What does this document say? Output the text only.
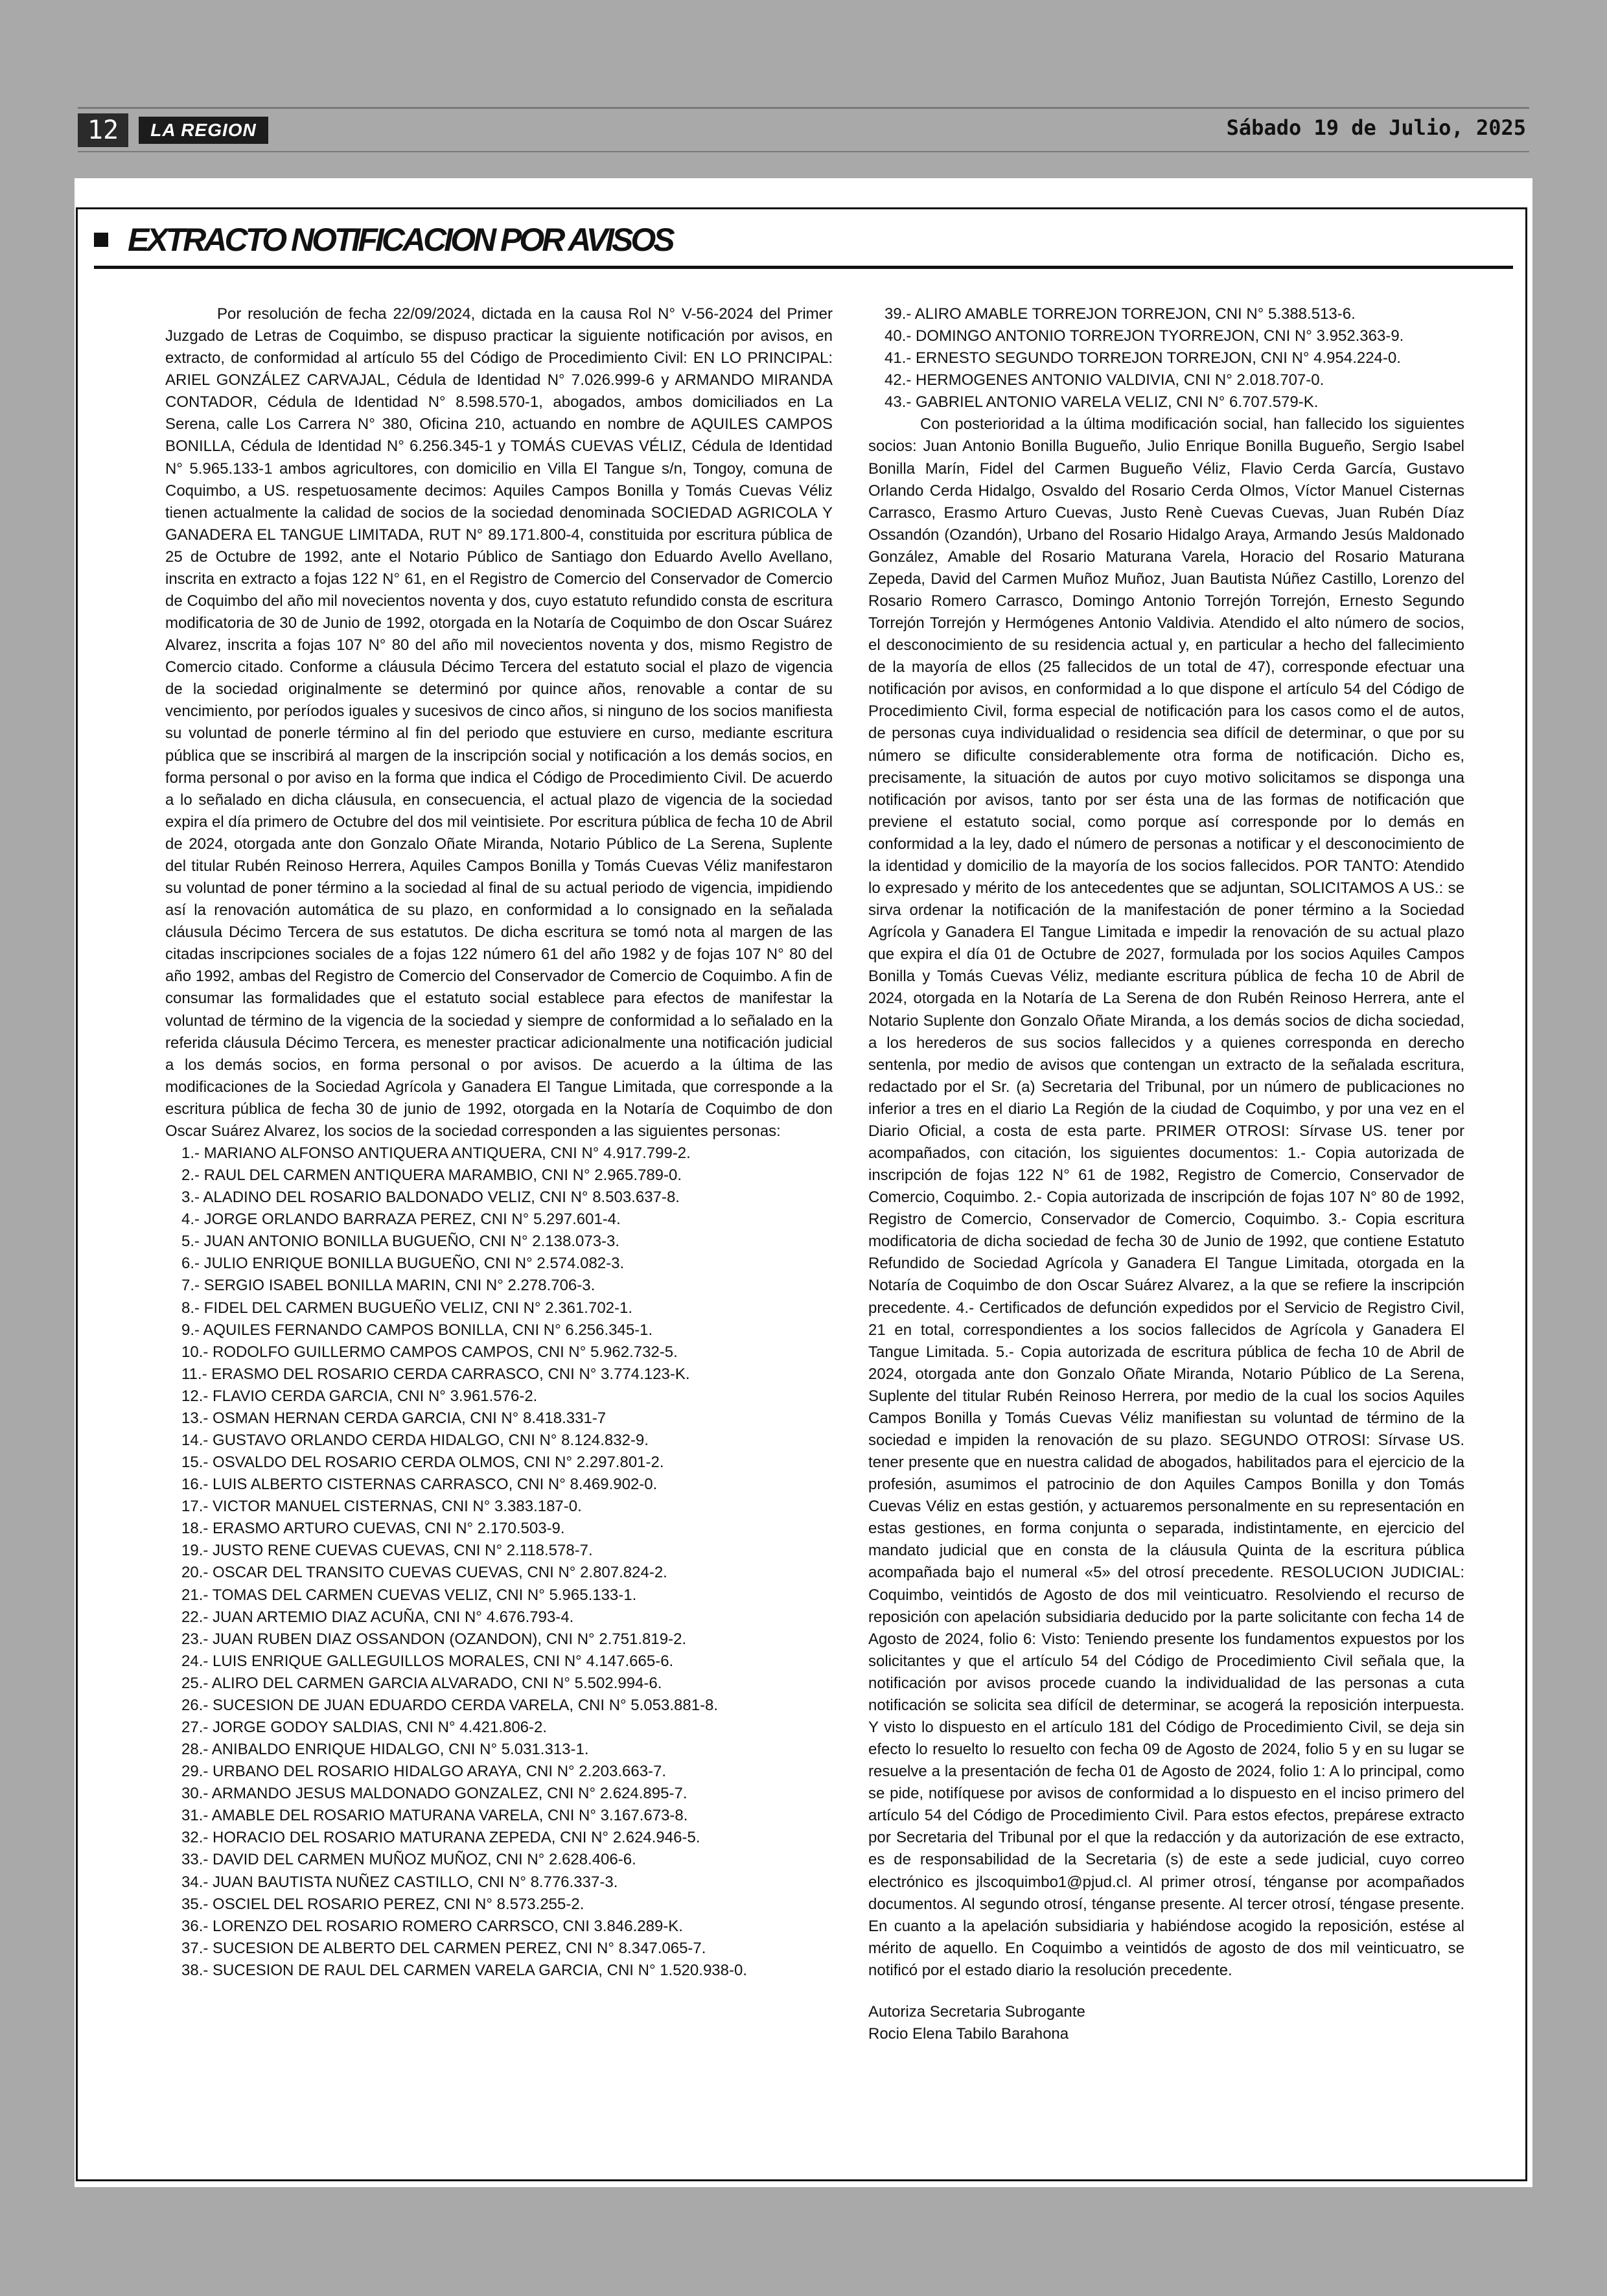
12	LA REGION	Sábado 19 de Julio, 2025
EXTRACTO NOTIFICACION POR AVISOS

Por resolución de fecha 22/09/2024, dictada en la causa Rol N° V-56-2024 del Primer Juzgado de Letras de Coquimbo, se dispuso practicar la siguiente notificación por avisos, en extracto, de conformidad al artículo 55 del Código de Procedimiento Civil: EN LO PRINCIPAL: ARIEL GONZÁLEZ CARVAJAL, Cédula de Identidad N° 7.026.999-6 y ARMANDO MIRANDA CONTADOR, Cédula de Identidad N° 8.598.570-1, abogados, ambos domiciliados en La Serena, calle Los Carrera N° 380, Oficina 210, actuando en nombre de AQUILES CAMPOS BONILLA, Cédula de Identidad N° 6.256.345-1 y TOMÁS CUEVAS VÉLIZ, Cédula de Identidad N° 5.965.133-1 ambos agricultores, con domicilio en Villa El Tangue s/n, Tongoy, comuna de Coquimbo, a US. respetuosamente decimos: Aquiles Campos Bonilla y Tomás Cuevas Véliz tienen actualmente la calidad de socios de la sociedad denominada SOCIEDAD AGRICOLA Y GANADERA EL TANGUE LIMITADA, RUT N° 89.171.800-4, constituida por escritura pública de 25 de Octubre de 1992, ante el Notario Público de Santiago don Eduardo Avello Avellano, inscrita en extracto a fojas 122 N° 61, en el Registro de Comercio del Conservador de Comercio de Coquimbo del año mil novecientos noventa y dos, cuyo estatuto refundido consta de escritura modificatoria de 30 de Junio de 1992, otorgada en la Notaría de Coquimbo de don Oscar Suárez Alvarez, inscrita a fojas 107 N° 80 del año mil novecientos noventa y dos, mismo Registro de Comercio citado. Conforme a cláusula Décimo Tercera del estatuto social el plazo de vigencia de la sociedad originalmente se determinó por quince años, renovable a contar de su vencimiento, por períodos iguales y sucesivos de cinco años, si ninguno de los socios manifiesta su voluntad de ponerle término al fin del periodo que estuviere en curso, mediante escritura pública que se inscribirá al margen de la inscripción social y notificación a los demás socios, en forma personal o por aviso en la forma que indica el Código de Procedimiento Civil. De acuerdo a lo señalado en dicha cláusula, en consecuencia, el actual plazo de vigencia de la sociedad expira el día primero de Octubre del dos mil veintisiete. Por escritura pública de fecha 10 de Abril de 2024, otorgada ante don Gonzalo Oñate Miranda, Notario Público de La Serena, Suplente del titular Rubén Reinoso Herrera, Aquiles Campos Bonilla y Tomás Cuevas Véliz manifestaron su voluntad de poner término a la sociedad al final de su actual periodo de vigencia, impidiendo así la renovación automática de su plazo, en conformidad a lo consignado en la señalada cláusula Décimo Tercera de sus estatutos. De dicha escritura se tomó nota al margen de las citadas inscripciones sociales de a fojas 122 número 61 del año 1982 y de fojas 107 N° 80 del año 1992, ambas del Registro de Comercio del Conservador de Comercio de Coquimbo. A fin de consumar las formalidades que el estatuto social establece para efectos de manifestar la voluntad de término de la vigencia de la sociedad y siempre de conformidad a lo señalado en la referida cláusula Décimo Tercera, es menester practicar adicionalmente una notificación judicial a los demás socios, en forma personal o por avisos. De acuerdo a la última de las modificaciones de la Sociedad Agrícola y Ganadera El Tangue Limitada, que corresponde a la escritura pública de fecha 30 de junio de 1992, otorgada en la Notaría de Coquimbo de don Oscar Suárez Alvarez, los socios de la sociedad corresponden a las siguientes personas:

1.- MARIANO ALFONSO ANTIQUERA ANTIQUERA, CNI N° 4.917.799-2.

2.- RAUL DEL CARMEN ANTIQUERA MARAMBIO, CNI N° 2.965.789-0.

3.- ALADINO DEL ROSARIO BALDONADO VELIZ, CNI N° 8.503.637-8.

4.- JORGE ORLANDO BARRAZA PEREZ, CNI N° 5.297.601-4.

5.- JUAN ANTONIO BONILLA BUGUEÑO, CNI N° 2.138.073-3.

6.- JULIO ENRIQUE BONILLA BUGUEÑO, CNI N° 2.574.082-3.

7.- SERGIO ISABEL BONILLA MARIN, CNI N° 2.278.706-3.

8.- FIDEL DEL CARMEN BUGUEÑO VELIZ, CNI N° 2.361.702-1.

9.- AQUILES FERNANDO CAMPOS BONILLA, CNI N° 6.256.345-1.

10.- RODOLFO GUILLERMO CAMPOS CAMPOS, CNI N° 5.962.732-5.

11.- ERASMO DEL ROSARIO CERDA CARRASCO, CNI N° 3.774.123-K.

12.- FLAVIO CERDA GARCIA, CNI N° 3.961.576-2.

13.- OSMAN HERNAN CERDA GARCIA, CNI N° 8.418.331-7

14.- GUSTAVO ORLANDO CERDA HIDALGO, CNI N° 8.124.832-9.

15.- OSVALDO DEL ROSARIO CERDA OLMOS, CNI N° 2.297.801-2.

16.- LUIS ALBERTO CISTERNAS CARRASCO, CNI N° 8.469.902-0.

17.- VICTOR MANUEL CISTERNAS, CNI N° 3.383.187-0.

18.- ERASMO ARTURO CUEVAS, CNI N° 2.170.503-9.

19.- JUSTO RENE CUEVAS CUEVAS, CNI N° 2.118.578-7.

20.- OSCAR DEL TRANSITO CUEVAS CUEVAS, CNI N° 2.807.824-2.

21.- TOMAS DEL CARMEN CUEVAS VELIZ, CNI N° 5.965.133-1.

22.- JUAN ARTEMIO DIAZ ACUÑA, CNI N° 4.676.793-4.

23.- JUAN RUBEN DIAZ OSSANDON (OZANDON), CNI N° 2.751.819-2.

24.- LUIS ENRIQUE GALLEGUILLOS MORALES, CNI N° 4.147.665-6.

25.- ALIRO DEL CARMEN GARCIA ALVARADO, CNI N° 5.502.994-6.

26.- SUCESION DE JUAN EDUARDO CERDA VARELA, CNI N° 5.053.881-8.

27.- JORGE GODOY SALDIAS, CNI N° 4.421.806-2.

28.- ANIBALDO ENRIQUE HIDALGO, CNI N° 5.031.313-1.

29.- URBANO DEL ROSARIO HIDALGO ARAYA, CNI N° 2.203.663-7.

30.- ARMANDO JESUS MALDONADO GONZALEZ, CNI N° 2.624.895-7.

31.- AMABLE DEL ROSARIO MATURANA VARELA, CNI N° 3.167.673-8.

32.- HORACIO DEL ROSARIO MATURANA ZEPEDA, CNI N° 2.624.946-5.

33.- DAVID DEL CARMEN MUÑOZ MUÑOZ, CNI N° 2.628.406-6.

34.- JUAN BAUTISTA NUÑEZ CASTILLO, CNI N° 8.776.337-3.

35.- OSCIEL DEL ROSARIO PEREZ, CNI N° 8.573.255-2.

36.- LORENZO DEL ROSARIO ROMERO CARRSCO, CNI 3.846.289-K.

37.- SUCESION DE ALBERTO DEL CARMEN PEREZ, CNI N° 8.347.065-7.

38.- SUCESION DE RAUL DEL CARMEN VARELA GARCIA, CNI N° 1.520.938-0.

39.- ALIRO AMABLE TORREJON TORREJON, CNI N° 5.388.513-6.

40.- DOMINGO ANTONIO TORREJON TYORREJON, CNI N° 3.952.363-9.

41.- ERNESTO SEGUNDO TORREJON TORREJON, CNI N° 4.954.224-0.

42.- HERMOGENES ANTONIO VALDIVIA, CNI N° 2.018.707-0.

43.- GABRIEL ANTONIO VARELA VELIZ, CNI N° 6.707.579-K.

Con posterioridad a la última modificación social, han fallecido los siguientes socios: Juan Antonio Bonilla Bugueño, Julio Enrique Bonilla Bugueño, Sergio Isabel Bonilla Marín, Fidel del Carmen Bugueño Véliz, Flavio Cerda García, Gustavo Orlando Cerda Hidalgo, Osvaldo del Rosario Cerda Olmos, Víctor Manuel Cisternas Carrasco, Erasmo Arturo Cuevas, Justo Renè Cuevas Cuevas, Juan Rubén Díaz Ossandón (Ozandón), Urbano del Rosario Hidalgo Araya, Armando Jesús Maldonado González, Amable del Rosario Maturana Varela, Horacio del Rosario Maturana Zepeda, David del Carmen Muñoz Muñoz, Juan Bautista Núñez Castillo, Lorenzo del Rosario Romero Carrasco, Domingo Antonio Torrejón Torrejón, Ernesto Segundo Torrejón Torrejón y Hermógenes Antonio Valdivia. Atendido el alto número de socios, el desconocimiento de su residencia actual y, en particular a hecho del fallecimiento de la mayoría de ellos (25 fallecidos de un total de 47), corresponde efectuar una notificación por avisos, en conformidad a lo que dispone el artículo 54 del Código de Procedimiento Civil, forma especial de notificación para los casos como el de autos, de personas cuya individualidad o residencia sea difícil de determinar, o que por su número se dificulte considerablemente otra forma de notificación. Dicho es, precisamente, la situación de autos por cuyo motivo solicitamos se disponga una notificación por avisos, tanto por ser ésta una de las formas de notificación que previene el estatuto social, como porque así corresponde por lo demás en conformidad a la ley, dado el número de personas a notificar y el desconocimiento de la identidad y domicilio de la mayoría de los socios fallecidos. POR TANTO: Atendido lo expresado y mérito de los antecedentes que se adjuntan, SOLICITAMOS A US.: se sirva ordenar la notificación de la manifestación de poner término a la Sociedad Agrícola y Ganadera El Tangue Limitada e impedir la renovación de su actual plazo que expira el día 01 de Octubre de 2027, formulada por los socios Aquiles Campos Bonilla y Tomás Cuevas Véliz, mediante escritura pública de fecha 10 de Abril de 2024, otorgada en la Notaría de La Serena de don Rubén Reinoso Herrera, ante el Notario Suplente don Gonzalo Oñate Miranda, a los demás socios de dicha sociedad, a los herederos de sus socios fallecidos y a quienes corresponda en derecho sentenla, por medio de avisos que contengan un extracto de la señalada escritura, redactado por el Sr. (a) Secretaria del Tribunal, por un número de publicaciones no inferior a tres en el diario La Región de la ciudad de Coquimbo, y por una vez en el Diario Oficial, a costa de esta parte. PRIMER OTROSI: Sírvase US. tener por acompañados, con citación, los siguientes documentos: 1.- Copia autorizada de inscripción de fojas 122 N° 61 de 1982, Registro de Comercio, Conservador de Comercio, Coquimbo. 2.- Copia autorizada de inscripción de fojas 107 N° 80 de 1992, Registro de Comercio, Conservador de Comercio, Coquimbo. 3.- Copia escritura modificatoria de dicha sociedad de fecha 30 de Junio de 1992, que contiene Estatuto Refundido de Sociedad Agrícola y Ganadera El Tangue Limitada, otorgada en la Notaría de Coquimbo de don Oscar Suárez Alvarez, a la que se refiere la inscripción precedente. 4.- Certificados de defunción expedidos por el Servicio de Registro Civil, 21 en total, correspondientes a los socios fallecidos de Agrícola y Ganadera El Tangue Limitada. 5.- Copia autorizada de escritura pública de fecha 10 de Abril de 2024, otorgada ante don Gonzalo Oñate Miranda, Notario Público de La Serena, Suplente del titular Rubén Reinoso Herrera, por medio de la cual los socios Aquiles Campos Bonilla y Tomás Cuevas Véliz manifiestan su voluntad de término de la sociedad e impiden la renovación de su plazo. SEGUNDO OTROSI: Sírvase US. tener presente que en nuestra calidad de abogados, habilitados para el ejercicio de la profesión, asumimos el patrocinio de don Aquiles Campos Bonilla y don Tomás Cuevas Véliz en estas gestión, y actuaremos personalmente en su representación en estas gestiones, en forma conjunta o separada, indistintamente, en ejercicio del mandato judicial que en consta de la cláusula Quinta de la escritura pública acompañada bajo el numeral «5» del otrosí precedente. RESOLUCION JUDICIAL: Coquimbo, veintidós de Agosto de dos mil veinticuatro. Resolviendo el recurso de reposición con apelación subsidiaria deducido por la parte solicitante con fecha 14 de Agosto de 2024, folio 6: Visto: Teniendo presente los fundamentos expuestos por los solicitantes y que el artículo 54 del Código de Procedimiento Civil señala que, la notificación por avisos procede cuando la individualidad de las personas a cuta notificación se solicita sea difícil de determinar, se acogerá la reposición interpuesta. Y visto lo dispuesto en el artículo 181 del Código de Procedimiento Civil, se deja sin efecto lo resuelto lo resuelto con fecha 09 de Agosto de 2024, folio 5 y en su lugar se resuelve a la presentación de fecha 01 de Agosto de 2024, folio 1: A lo principal, como se pide, notifíquese por avisos de conformidad a lo dispuesto en el inciso primero del artículo 54 del Código de Procedimiento Civil. Para estos efectos, prepárese extracto por Secretaria del Tribunal por el que la redacción y da autorización de ese extracto, es de responsabilidad de la Secretaria (s) de este a sede judicial, cuyo correo electrónico es jlscoquimbo1@pjud.cl. Al primer otrosí, ténganse por acompañados documentos. Al segundo otrosí, ténganse presente. Al tercer otrosí, téngase presente. En cuanto a la apelación subsidiaria y habiéndose acogido la reposición, estése al mérito de aquello. En Coquimbo a veintidós de agosto de dos mil veinticuatro, se notificó por el estado diario la resolución precedente.

Autoriza Secretaria Subrogante

Rocio Elena Tabilo Barahona
